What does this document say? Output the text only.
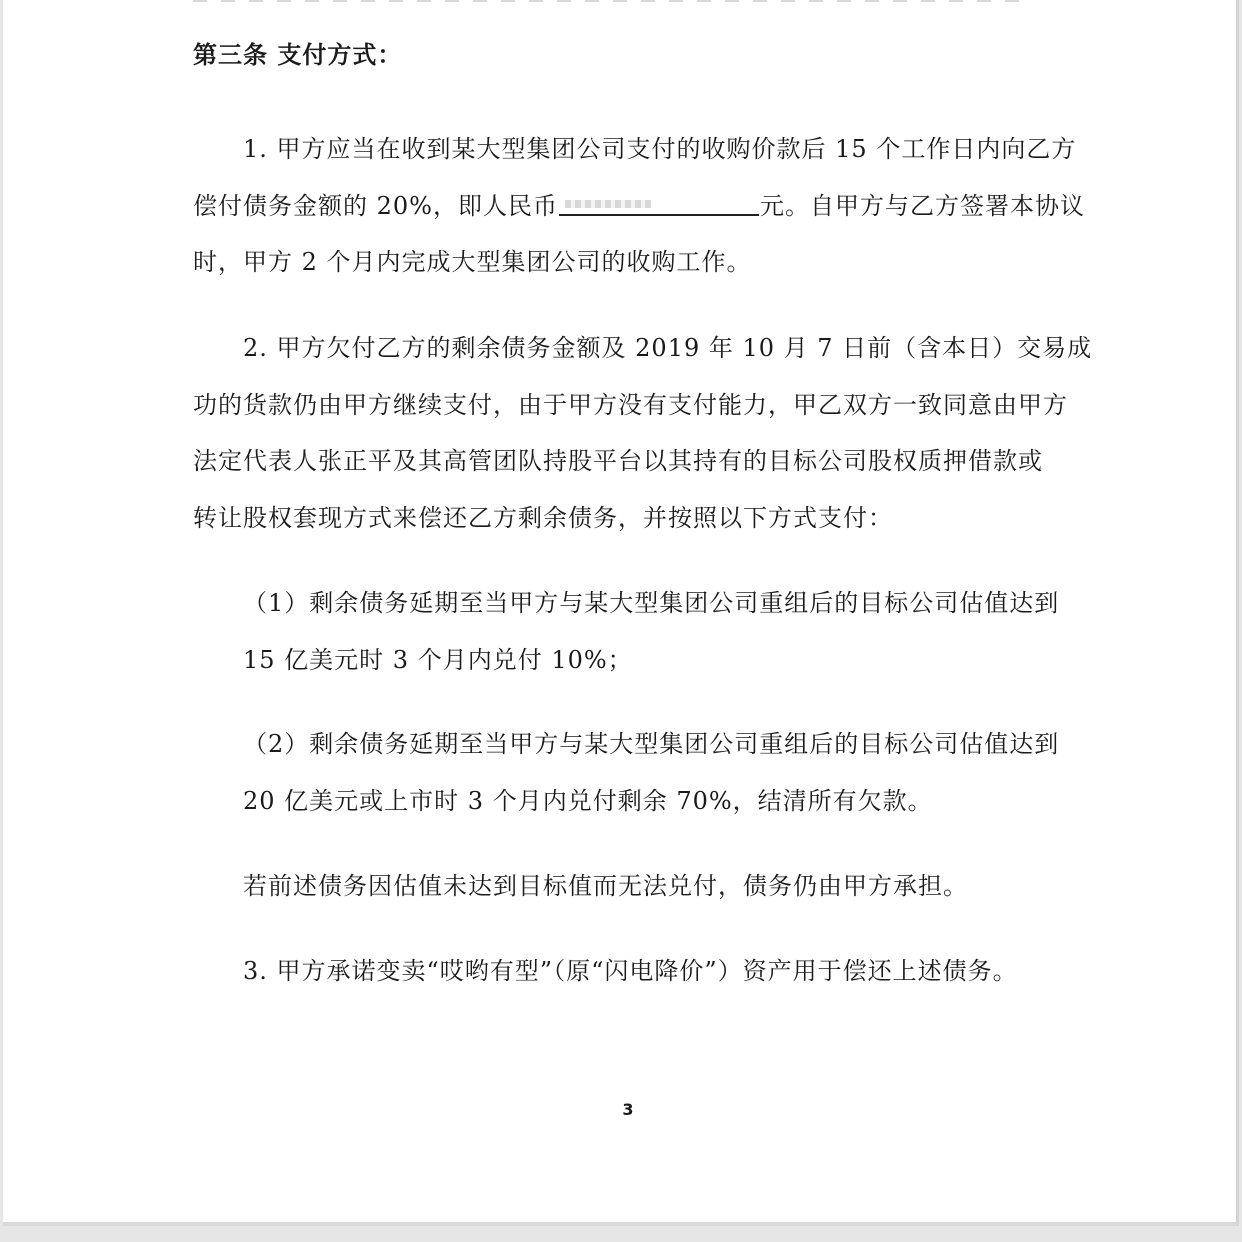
第三条 支付方式：
1. 甲方应当在收到某大型集团公司支付的收购价款后 15 个工作日内向乙方
偿付债务金额的 20%，即人民币	元。自甲方与乙方签署本协议
时，甲方 2 个月内完成大型集团公司的收购工作。
2. 甲方欠付乙方的剩余债务金额及 2019 年 10 月 7 日前（含本日）交易成
功的货款仍由甲方继续支付，由于甲方没有支付能力，甲乙双方一致同意由甲方
法定代表人张正平及其高管团队持股平台以其持有的目标公司股权质押借款或
转让股权套现方式来偿还乙方剩余债务，并按照以下方式支付：
（1）剩余债务延期至当甲方与某大型集团公司重组后的目标公司估值达到
15 亿美元时 3 个月内兑付 10%；
（2）剩余债务延期至当甲方与某大型集团公司重组后的目标公司估值达到
20 亿美元或上市时 3 个月内兑付剩余 70%，结清所有欠款。
若前述债务因估值未达到目标值而无法兑付，债务仍由甲方承担。
3. 甲方承诺变卖“哎哟有型”（原“闪电降价”）资产用于偿还上述债务。
3
